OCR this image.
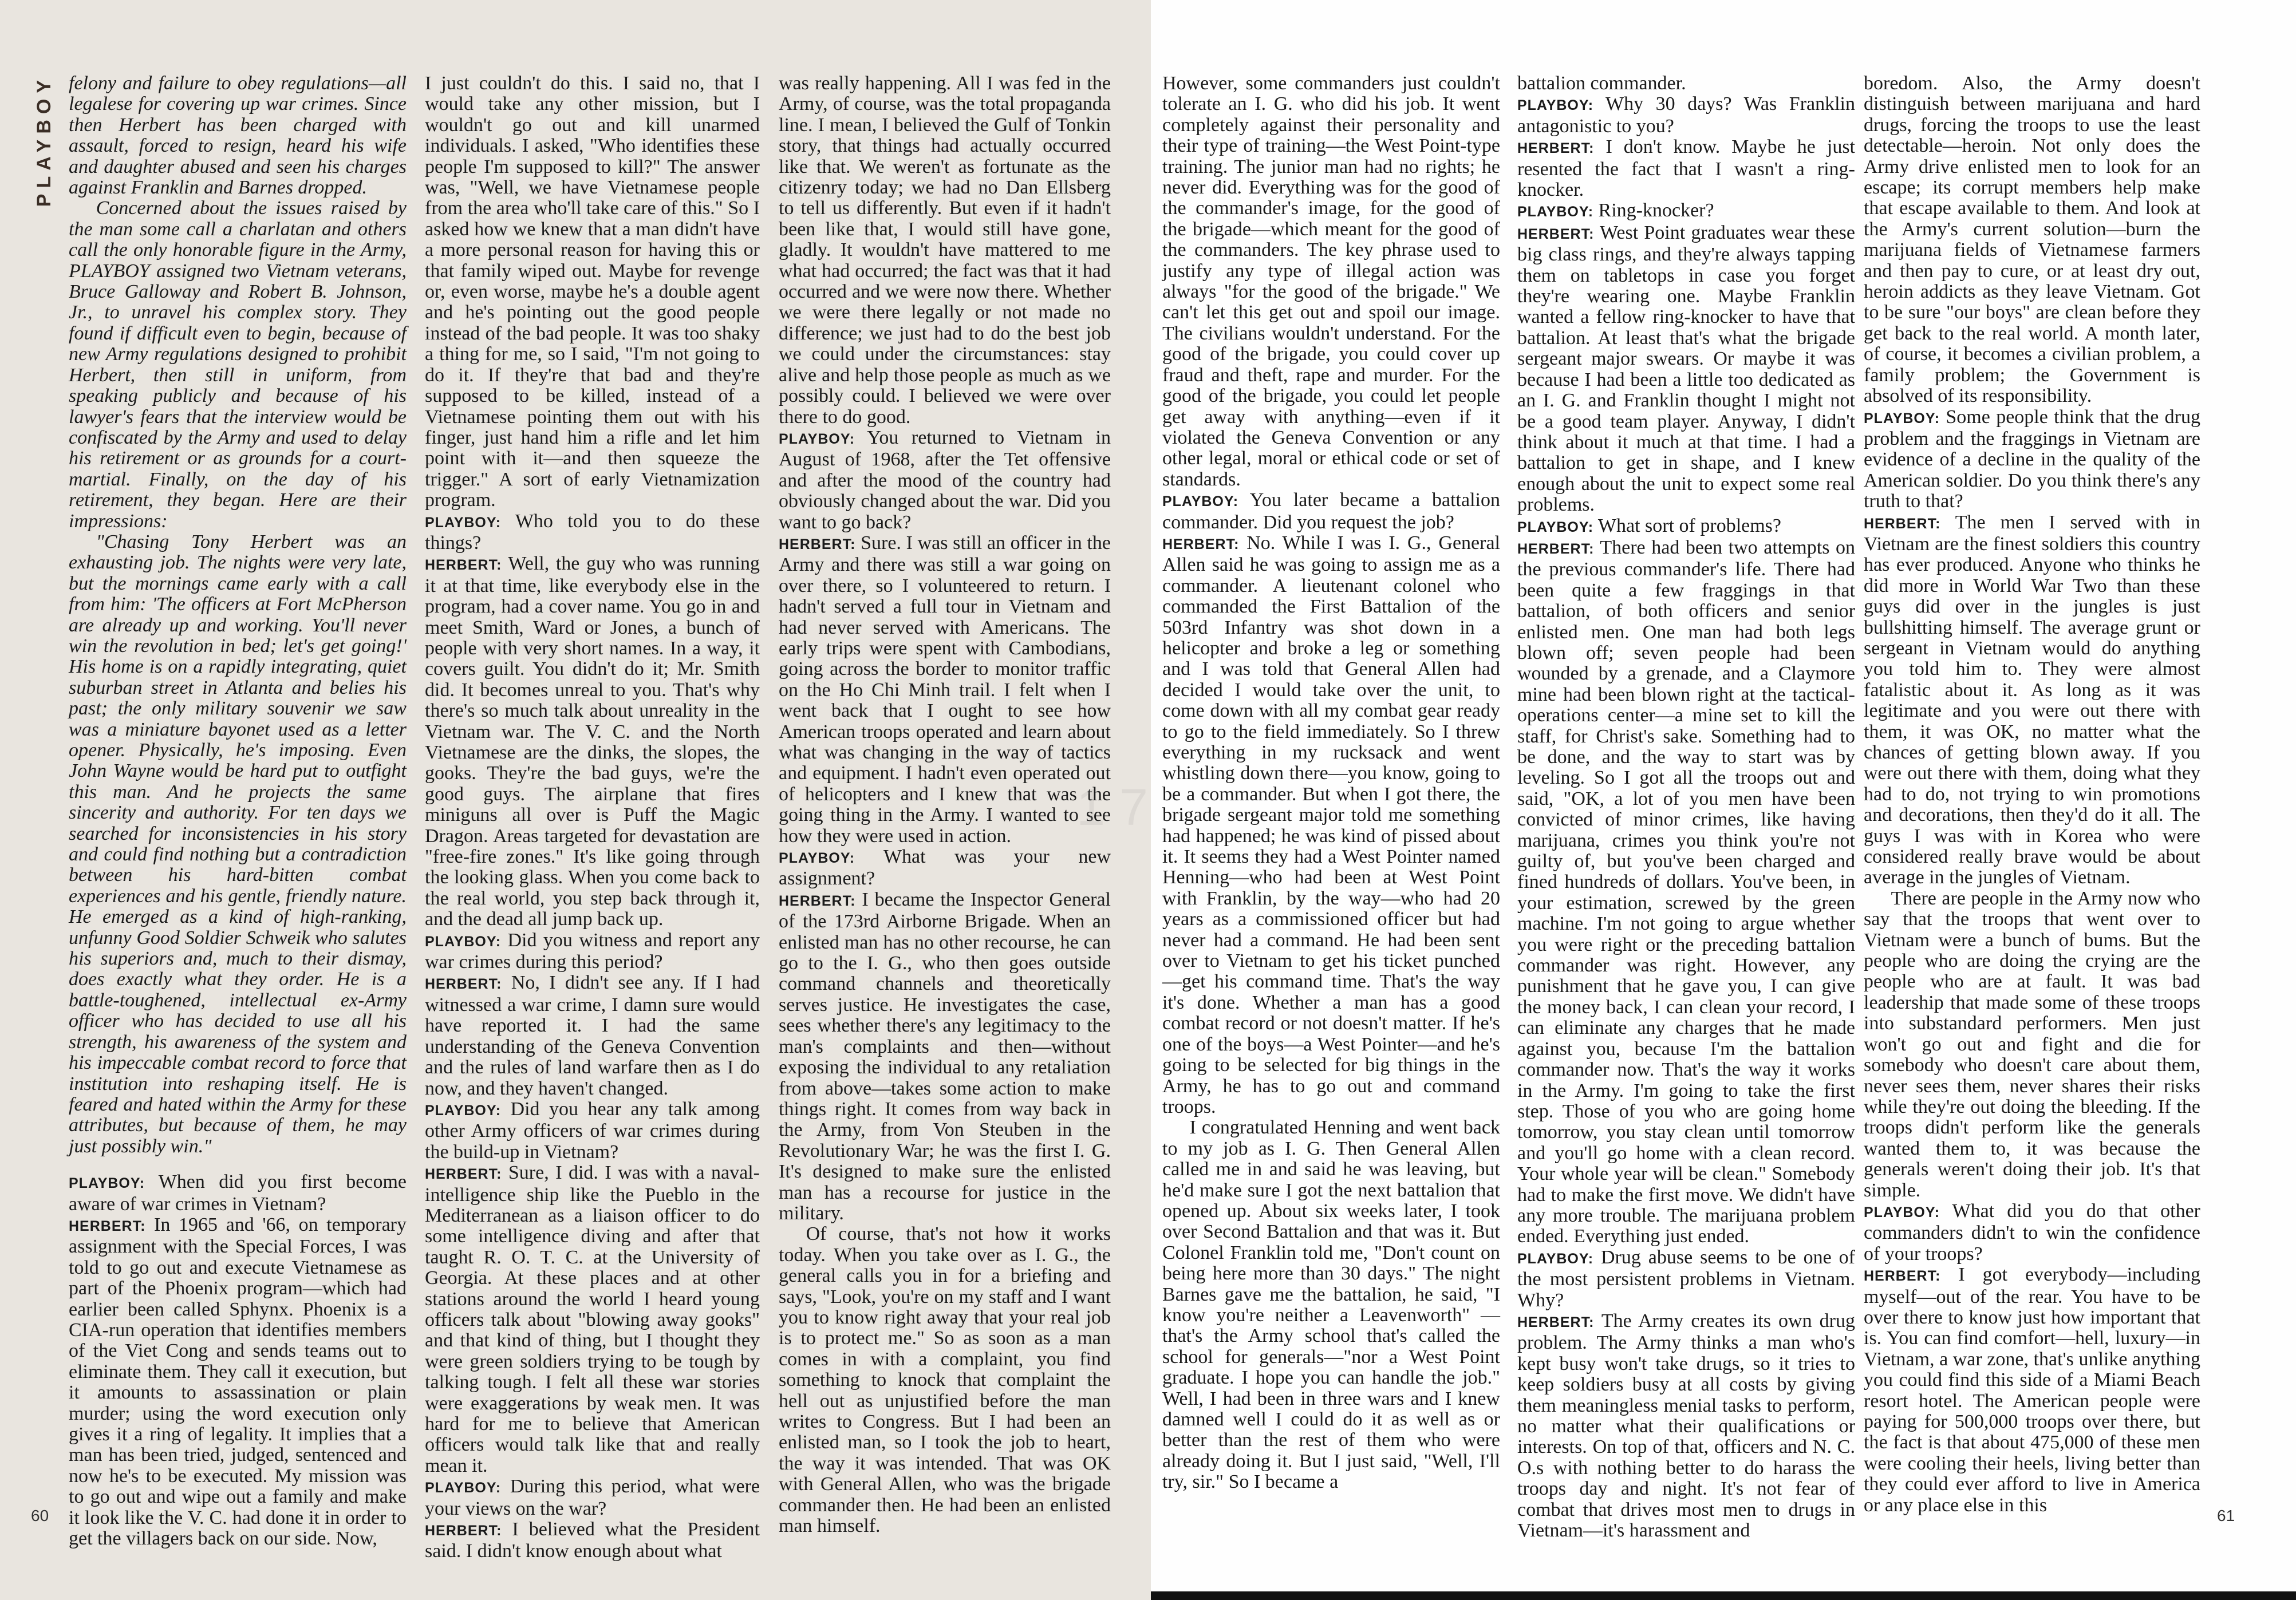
PLAYBOY felony and failure to obey regulations—all legalese for covering up war crimes. Since then Herbert has been charged with assault, forced to resign, heard his wife and daughter abused and seen his charges against Franklin and Barnes dropped.

Concerned about the issues raised by the man some call a charlatan and others call the only honorable figure in the Army, PLAYBOY assigned two Vietnam veterans, Bruce Galloway and Robert B. Johnson, Jr., to unravel his complex story. They found if difficult even to begin, because of new Army regulations designed to prohibit Herbert, then still in uniform, from speaking publicly and because of his lawyer's fears that the interview would be confiscated by the Army and used to delay his retirement or as grounds for a court-martial. Finally, on the day of his retirement, they began. Here are their impressions:

"Chasing Tony Herbert was an exhausting job. The nights were very late, but the mornings came early with a call from him: 'The officers at Fort McPherson are already up and working. You'll never win the revolution in bed; let's get going!' His home is on a rapidly integrating, quiet suburban street in Atlanta and belies his past; the only military souvenir we saw was a miniature bayonet used as a letter opener. Physically, he's imposing. Even John Wayne would be hard put to outfight this man. And he projects the same sincerity and authority. For ten days we searched for inconsistencies in his story and could find nothing but a contradiction between his hard-bitten combat experiences and his gentle, friendly nature. He emerged as a kind of high-ranking, unfunny Good Soldier Schweik who salutes his superiors and, much to their dismay, does exactly what they order. He is a battle-toughened, intellectual ex-Army officer who has decided to use all his strength, his awareness of the system and his impeccable combat record to force that institution into reshaping itself. He is feared and hated within the Army for these attributes, but because of them, he may just possibly win."

PLAYBOY: When did you first become aware of war crimes in Vietnam?

HERBERT: In 1965 and '66, on temporary assignment with the Special Forces, I was told to go out and execute Vietnamese as part of the Phoenix program—which had earlier been called Sphynx. Phoenix is a CIA-run operation that identifies members of the Viet Cong and sends teams out to eliminate them. They call it execution, but it amounts to assassination or plain murder; using the word execution only gives it a ring of legality. It implies that a man has been tried, judged, sentenced and now he's to be executed. My mission was to go out and wipe out a family and make it look like the V. C. had done it in order to get the villagers back on our side. Now,

I just couldn't do this. I said no, that I would take any other mission, but I wouldn't go out and kill unarmed individuals. I asked, "Who identifies these people I'm supposed to kill?" The answer was, "Well, we have Vietnamese people from the area who'll take care of this." So I asked how we knew that a man didn't have a more personal reason for having this or that family wiped out. Maybe for revenge or, even worse, maybe he's a double agent and he's pointing out the good people instead of the bad people. It was too shaky a thing for me, so I said, "I'm not going to do it. If they're that bad and they're supposed to be killed, instead of a Vietnamese pointing them out with his finger, just hand him a rifle and let him point with it—and then squeeze the trigger." A sort of early Vietnamization program.

PLAYBOY: Who told you to do these things?

HERBERT: Well, the guy who was running it at that time, like everybody else in the program, had a cover name. You go in and meet Smith, Ward or Jones, a bunch of people with very short names. In a way, it covers guilt. You didn't do it; Mr. Smith did. It becomes unreal to you. That's why there's so much talk about unreality in the Vietnam war. The V. C. and the North Vietnamese are the dinks, the slopes, the gooks. They're the bad guys, we're the good guys. The airplane that fires miniguns all over is Puff the Magic Dragon. Areas targeted for devastation are "free-fire zones." It's like going through the looking glass. When you come back to the real world, you step back through it, and the dead all jump back up.

PLAYBOY: Did you witness and report any war crimes during this period?

HERBERT: No, I didn't see any. If I had witnessed a war crime, I damn sure would have reported it. I had the same understanding of the Geneva Convention and the rules of land warfare then as I do now, and they haven't changed.

PLAYBOY: Did you hear any talk among other Army officers of war crimes during the build-up in Vietnam?

HERBERT: Sure, I did. I was with a naval-intelligence ship like the Pueblo in the Mediterranean as a liaison officer to do some intelligence diving and after that taught R. O. T. C. at the University of Georgia. At these places and at other stations around the world I heard young officers talk about "blowing away gooks" and that kind of thing, but I thought they were green soldiers trying to be tough by talking tough. I felt all these war stories were exaggerations by weak men. It was hard for me to believe that American officers would talk like that and really mean it.

PLAYBOY: During this period, what were your views on the war?

HERBERT: I believed what the President said. I didn't know enough about what

was really happening. All I was fed in the Army, of course, was the total propaganda line. I mean, I believed the Gulf of Tonkin story, that things had actually occurred like that. We weren't as fortunate as the citizenry today; we had no Dan Ellsberg to tell us differently. But even if it hadn't been like that, I would still have gone, gladly. It wouldn't have mattered to me what had occurred; the fact was that it had occurred and we were now there. Whether we were there legally or not made no difference; we just had to do the best job we could under the circumstances: stay alive and help those people as much as we possibly could. I believed we were over there to do good.

PLAYBOY: You returned to Vietnam in August of 1968, after the Tet offensive and after the mood of the country had obviously changed about the war. Did you want to go back?

HERBERT: Sure. I was still an officer in the Army and there was still a war going on over there, so I volunteered to return. I hadn't served a full tour in Vietnam and had never served with Americans. The early trips were spent with Cambodians, going across the border to monitor traffic on the Ho Chi Minh trail. I felt when I went back that I ought to see how American troops operated and learn about what was changing in the way of tactics and equipment. I hadn't even operated out of helicopters and I knew that was the going thing in the Army. I wanted to see how they were used in action.

PLAYBOY: What was your new assignment?

HERBERT: I became the Inspector General of the 173rd Airborne Brigade. When an enlisted man has no other recourse, he can go to the I. G., who then goes outside command channels and theoretically serves justice. He investigates the case, sees whether there's any legitimacy to the man's complaints and then—without exposing the individual to any retaliation from above—takes some action to make things right. It comes from way back in the Army, from Von Steuben in the Revolutionary War; he was the first I. G. It's designed to make sure the enlisted man has a recourse for justice in the military.

Of course, that's not how it works today. When you take over as I. G., the general calls you in for a briefing and says, "Look, you're on my staff and I want you to know right away that your real job is to protect me." So as soon as a man comes in with a complaint, you find something to knock that complaint the hell out as unjustified before the man writes to Congress. But I had been an enlisted man, so I took the job to heart, the way it was intended. That was OK with General Allen, who was the brigade commander then. He had been an enlisted man himself.

60
1 7

However, some commanders just couldn't tolerate an I. G. who did his job. It went completely against their personality and their type of training—the West Point-type training. The junior man had no rights; he never did. Everything was for the good of the commander's image, for the good of the brigade—which meant for the good of the commanders. The key phrase used to justify any type of illegal action was always "for the good of the brigade." We can't let this get out and spoil our image. The civilians wouldn't understand. For the good of the brigade, you could cover up fraud and theft, rape and murder. For the good of the brigade, you could let people get away with anything—even if it violated the Geneva Convention or any other legal, moral or ethical code or set of standards.

PLAYBOY: You later became a battalion commander. Did you request the job?

HERBERT: No. While I was I. G., General Allen said he was going to assign me as a commander. A lieutenant colonel who commanded the First Battalion of the 503rd Infantry was shot down in a helicopter and broke a leg or something and I was told that General Allen had decided I would take over the unit, to come down with all my combat gear ready to go to the field immediately. So I threw everything in my rucksack and went whistling down there—you know, going to be a commander. But when I got there, the brigade sergeant major told me something had happened; he was kind of pissed about it. It seems they had a West Pointer named Henning—who had been at West Point with Franklin, by the way—who had 20 years as a commissioned officer but had never had a command. He had been sent over to Vietnam to get his ticket punched—get his command time. That's the way it's done. Whether a man has a good combat record or not doesn't matter. If he's one of the boys—a West Pointer—and he's going to be selected for big things in the Army, he has to go out and command troops.

I congratulated Henning and went back to my job as I. G. Then General Allen called me in and said he was leaving, but he'd make sure I got the next battalion that opened up. About six weeks later, I took over Second Battalion and that was it. But Colonel Franklin told me, "Don't count on being here more than 30 days." The night Barnes gave me the battalion, he said, "I know you're neither a Leavenworth" —that's the Army school that's called the school for generals—"nor a West Point graduate. I hope you can handle the job." Well, I had been in three wars and I knew damned well I could do it as well as or better than the rest of them who were already doing it. But I just said, "Well, I'll try, sir." So I became a

battalion commander.

PLAYBOY: Why 30 days? Was Franklin antagonistic to you?

HERBERT: I don't know. Maybe he just resented the fact that I wasn't a ring-knocker.

PLAYBOY: Ring-knocker?

HERBERT: West Point graduates wear these big class rings, and they're always tapping them on tabletops in case you forget they're wearing one. Maybe Franklin wanted a fellow ring-knocker to have that battalion. At least that's what the brigade sergeant major swears. Or maybe it was because I had been a little too dedicated as an I. G. and Franklin thought I might not be a good team player. Anyway, I didn't think about it much at that time. I had a battalion to get in shape, and I knew enough about the unit to expect some real problems.

PLAYBOY: What sort of problems?

HERBERT: There had been two attempts on the previous commander's life. There had been quite a few fraggings in that battalion, of both officers and senior enlisted men. One man had both legs blown off; seven people had been wounded by a grenade, and a Claymore mine had been blown right at the tactical-operations center—a mine set to kill the staff, for Christ's sake. Something had to be done, and the way to start was by leveling. So I got all the troops out and said, "OK, a lot of you men have been convicted of minor crimes, like having marijuana, crimes you think you're not guilty of, but you've been charged and fined hundreds of dollars. You've been, in your estimation, screwed by the green machine. I'm not going to argue whether you were right or the preceding battalion commander was right. However, any punishment that he gave you, I can give the money back, I can clean your record, I can eliminate any charges that he made against you, because I'm the battalion commander now. That's the way it works in the Army. I'm going to take the first step. Those of you who are going home tomorrow, you stay clean until tomorrow and you'll go home with a clean record. Your whole year will be clean." Somebody had to make the first move. We didn't have any more trouble. The marijuana problem ended. Everything just ended.

PLAYBOY: Drug abuse seems to be one of the most persistent problems in Vietnam. Why?

HERBERT: The Army creates its own drug problem. The Army thinks a man who's kept busy won't take drugs, so it tries to keep soldiers busy at all costs by giving them meaningless menial tasks to perform, no matter what their qualifications or interests. On top of that, officers and N. C. O.s with nothing better to do harass the troops day and night. It's not fear of combat that drives most men to drugs in Vietnam—it's harassment and

boredom. Also, the Army doesn't distinguish between marijuana and hard drugs, forcing the troops to use the least detectable—heroin. Not only does the Army drive enlisted men to look for an escape; its corrupt members help make that escape available to them. And look at the Army's current solution—burn the marijuana fields of Vietnamese farmers and then pay to cure, or at least dry out, heroin addicts as they leave Vietnam. Got to be sure "our boys" are clean before they get back to the real world. A month later, of course, it becomes a civilian problem, a family problem; the Government is absolved of its responsibility.

PLAYBOY: Some people think that the drug problem and the fraggings in Vietnam are evidence of a decline in the quality of the American soldier. Do you think there's any truth to that?

HERBERT: The men I served with in Vietnam are the finest soldiers this country has ever produced. Anyone who thinks he did more in World War Two than these guys did over in the jungles is just bullshitting himself. The average grunt or sergeant in Vietnam would do anything you told him to. They were almost fatalistic about it. As long as it was legitimate and you were out there with them, it was OK, no matter what the chances of getting blown away. If you were out there with them, doing what they had to do, not trying to win promotions and decorations, then they'd do it all. The guys I was with in Korea who were considered really brave would be about average in the jungles of Vietnam.

There are people in the Army now who say that the troops that went over to Vietnam were a bunch of bums. But the people who are doing the crying are the people who are at fault. It was bad leadership that made some of these troops into substandard performers. Men just won't go out and fight and die for somebody who doesn't care about them, never sees them, never shares their risks while they're out doing the bleeding. If the troops didn't perform like the generals wanted them to, it was because the generals weren't doing their job. It's that simple.

PLAYBOY: What did you do that other commanders didn't to win the confidence of your troops?

HERBERT: I got everybody—including myself—out of the rear. You have to be over there to know just how important that is. You can find comfort—hell, luxury—in Vietnam, a war zone, that's unlike anything you could find this side of a Miami Beach resort hotel. The American people were paying for 500,000 troops over there, but the fact is that about 475,000 of these men were cooling their heels, living better than they could ever afford to live in America or any place else in this	61
